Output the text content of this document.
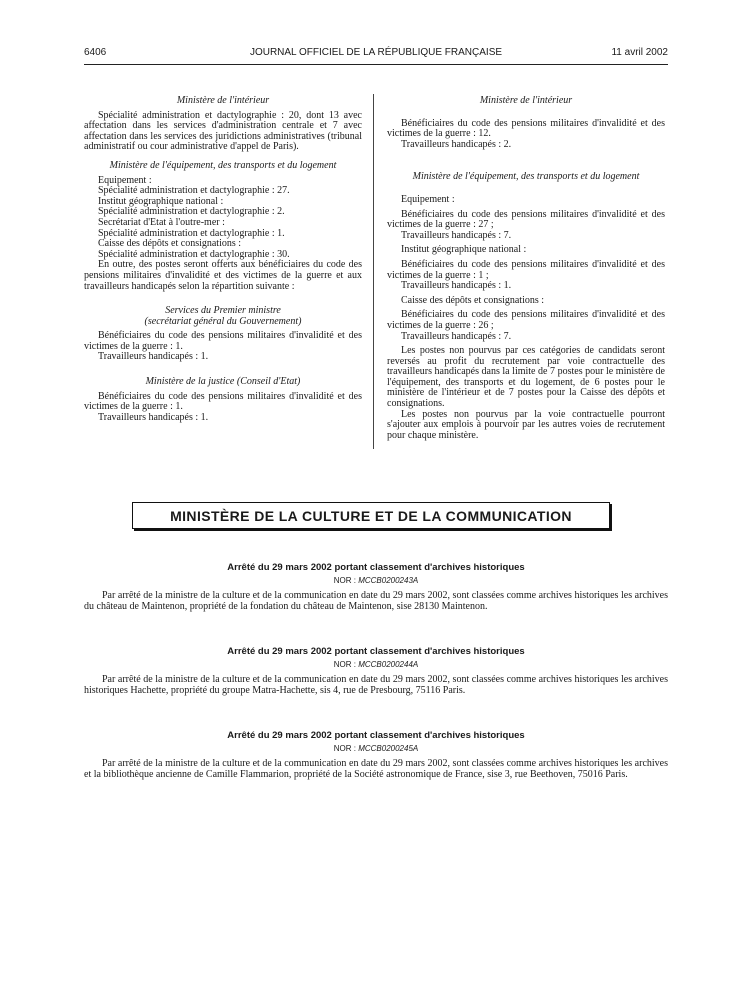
6406	JOURNAL OFFICIEL DE LA RÉPUBLIQUE FRANÇAISE	11 avril 2002

Ministère de l'intérieur

Spécialité administration et dactylographie : 20, dont 13 avec affectation dans les services d'administration centrale et 7 avec affectation dans les services des juridictions administratives (tribunal administratif ou cour administrative d'appel de Paris).

Ministère de l'équipement, des transports et du logement

Equipement :

Spécialité administration et dactylographie : 27.

Institut géographique national :

Spécialité administration et dactylographie : 2.

Secrétariat d'Etat à l'outre-mer :

Spécialité administration et dactylographie : 1.

Caisse des dépôts et consignations :

Spécialité administration et dactylographie : 30.

En outre, des postes seront offerts aux bénéficiaires du code des pensions militaires d'invalidité et des victimes de la guerre et aux travailleurs handicapés selon la répartition suivante :

Services du Premier ministre

(secrétariat général du Gouvernement)

Bénéficiaires du code des pensions militaires d'invalidité et des victimes de la guerre : 1.

Travailleurs handicapés : 1.

Ministère de la justice (Conseil d'Etat)

Bénéficiaires du code des pensions militaires d'invalidité et des victimes de la guerre : 1.

Travailleurs handicapés : 1.

Ministère de l'intérieur

Bénéficiaires du code des pensions militaires d'invalidité et des victimes de la guerre : 12.

Travailleurs handicapés : 2.

Ministère de l'équipement, des transports et du logement

Equipement :

Bénéficiaires du code des pensions militaires d'invalidité et des victimes de la guerre : 27 ;

Travailleurs handicapés : 7.

Institut géographique national :

Bénéficiaires du code des pensions militaires d'invalidité et des victimes de la guerre : 1 ;

Travailleurs handicapés : 1.

Caisse des dépôts et consignations :

Bénéficiaires du code des pensions militaires d'invalidité et des victimes de la guerre : 26 ;

Travailleurs handicapés : 7.

Les postes non pourvus par ces catégories de candidats seront reversés au profit du recrutement par voie contractuelle des travailleurs handicapés dans la limite de 7 postes pour le ministère de l'équipement, des transports et du logement, de 6 postes pour le ministère de l'intérieur et de 7 postes pour la Caisse des dépôts et consignations.

Les postes non pourvus par la voie contractuelle pourront s'ajouter aux emplois à pourvoir par les autres voies de recrutement pour chaque ministère.

MINISTÈRE DE LA CULTURE ET DE LA COMMUNICATION
Arrêté du 29 mars 2002 portant classement d'archives historiques
NOR : MCCB0200243A
Par arrêté de la ministre de la culture et de la communication en date du 29 mars 2002, sont classées comme archives historiques les archives du château de Maintenon, propriété de la fondation du château de Maintenon, sise 28130 Maintenon.
Arrêté du 29 mars 2002 portant classement d'archives historiques
NOR : MCCB0200244A
Par arrêté de la ministre de la culture et de la communication en date du 29 mars 2002, sont classées comme archives historiques les archives historiques Hachette, propriété du groupe Matra-Hachette, sis 4, rue de Presbourg, 75116 Paris.
Arrêté du 29 mars 2002 portant classement d'archives historiques
NOR : MCCB0200245A
Par arrêté de la ministre de la culture et de la communication en date du 29 mars 2002, sont classées comme archives historiques les archives et la bibliothèque ancienne de Camille Flammarion, propriété de la Société astronomique de France, sise 3, rue Beethoven, 75016 Paris.
